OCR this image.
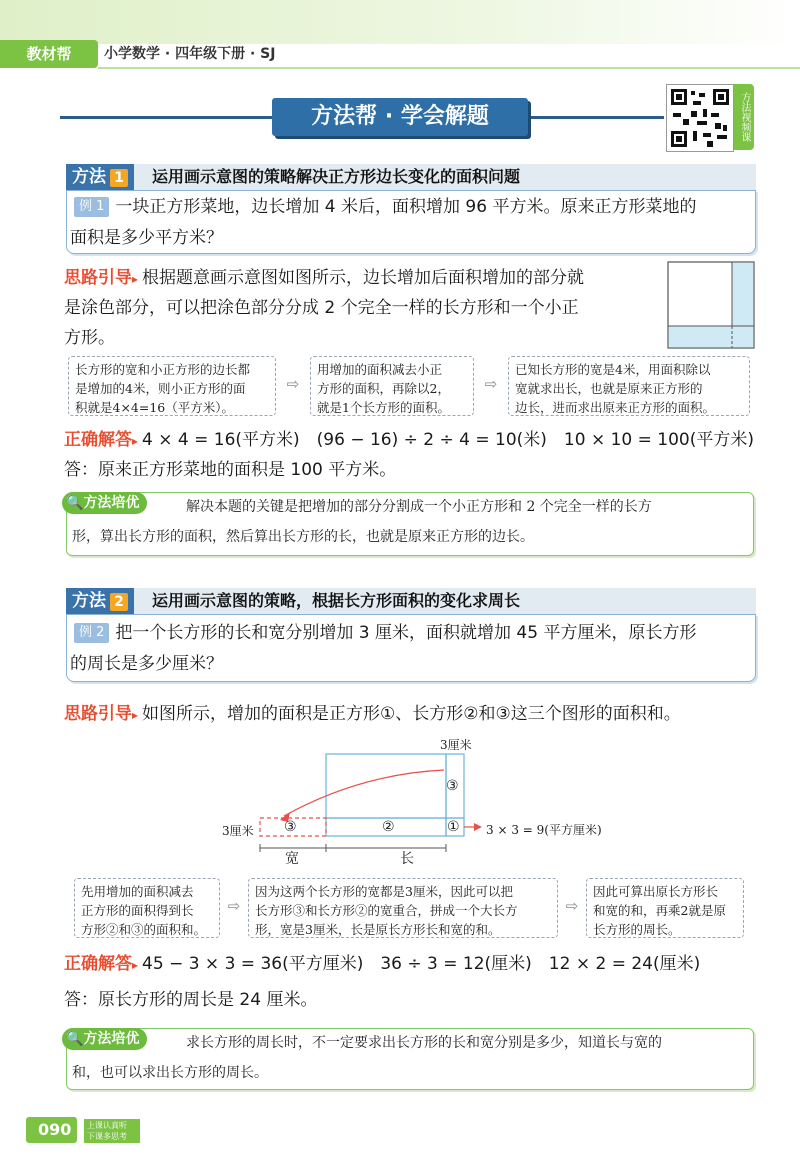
教材帮	小学数学 · 四年级下册 · SJ
方法帮 · 学会解题	方法视频课
方法 1	运用画示意图的策略解决正方形边长变化的面积问题
例 1 一块正方形菜地，边长增加 4 米后，面积增加 96 平方米。原来正方形菜地的
面积是多少平方米？
思路引导▸ 根据题意画示意图如图所示，边长增加后面积增加的部分就
是涂色部分，可以把涂色部分分成 2 个完全一样的长方形和一个小正
方形。
长方形的宽和小正方形的边长都
是增加的4米，则小正方形的面
积就是4×4=16（平方米）。
⇨
用增加的面积减去小正
方形的面积，再除以2，
就是1个长方形的面积。
⇨
已知长方形的宽是4米，用面积除以
宽就求出长，也就是原来正方形的
边长，进而求出原来正方形的面积。
正确解答▸ 4 × 4 = 16(平方米)　(96 − 16) ÷ 2 ÷ 4 = 10(米)　10 × 10 = 100(平方米)
答：原来正方形菜地的面积是 100 平方米。
🔍方法培优	解决本题的关键是把增加的部分分割成一个小正方形和 2 个完全一样的长方
形，算出长方形的面积，然后算出长方形的长，也就是原来正方形的边长。
方法 2	运用画示意图的策略，根据长方形面积的变化求周长
例 2 把一个长方形的长和宽分别增加 3 厘米，面积就增加 45 平方厘米，原长方形
的周长是多少厘米？
思路引导▸ 如图所示，增加的面积是正方形①、长方形②和③这三个图形的面积和。
3厘米
3厘米
③
③	②	① 3 × 3 = 9(平方厘米)
宽	长
先用增加的面积减去
正方形的面积得到长
方形②和③的面积和。
⇨
因为这两个长方形的宽都是3厘米，因此可以把
长方形③和长方形②的宽重合，拼成一个大长方
形，宽是3厘米，长是原长方形长和宽的和。
⇨
因此可算出原长方形长
和宽的和，再乘2就是原
长方形的周长。
正确解答▸ 45 − 3 × 3 = 36(平方厘米)　36 ÷ 3 = 12(厘米)　12 × 2 = 24(厘米)
答：原长方形的周长是 24 厘米。
🔍方法培优	求长方形的周长时，不一定要求出长方形的长和宽分别是多少，知道长与宽的
和，也可以求出长方形的周长。
090	上课认真听 下课多思考
